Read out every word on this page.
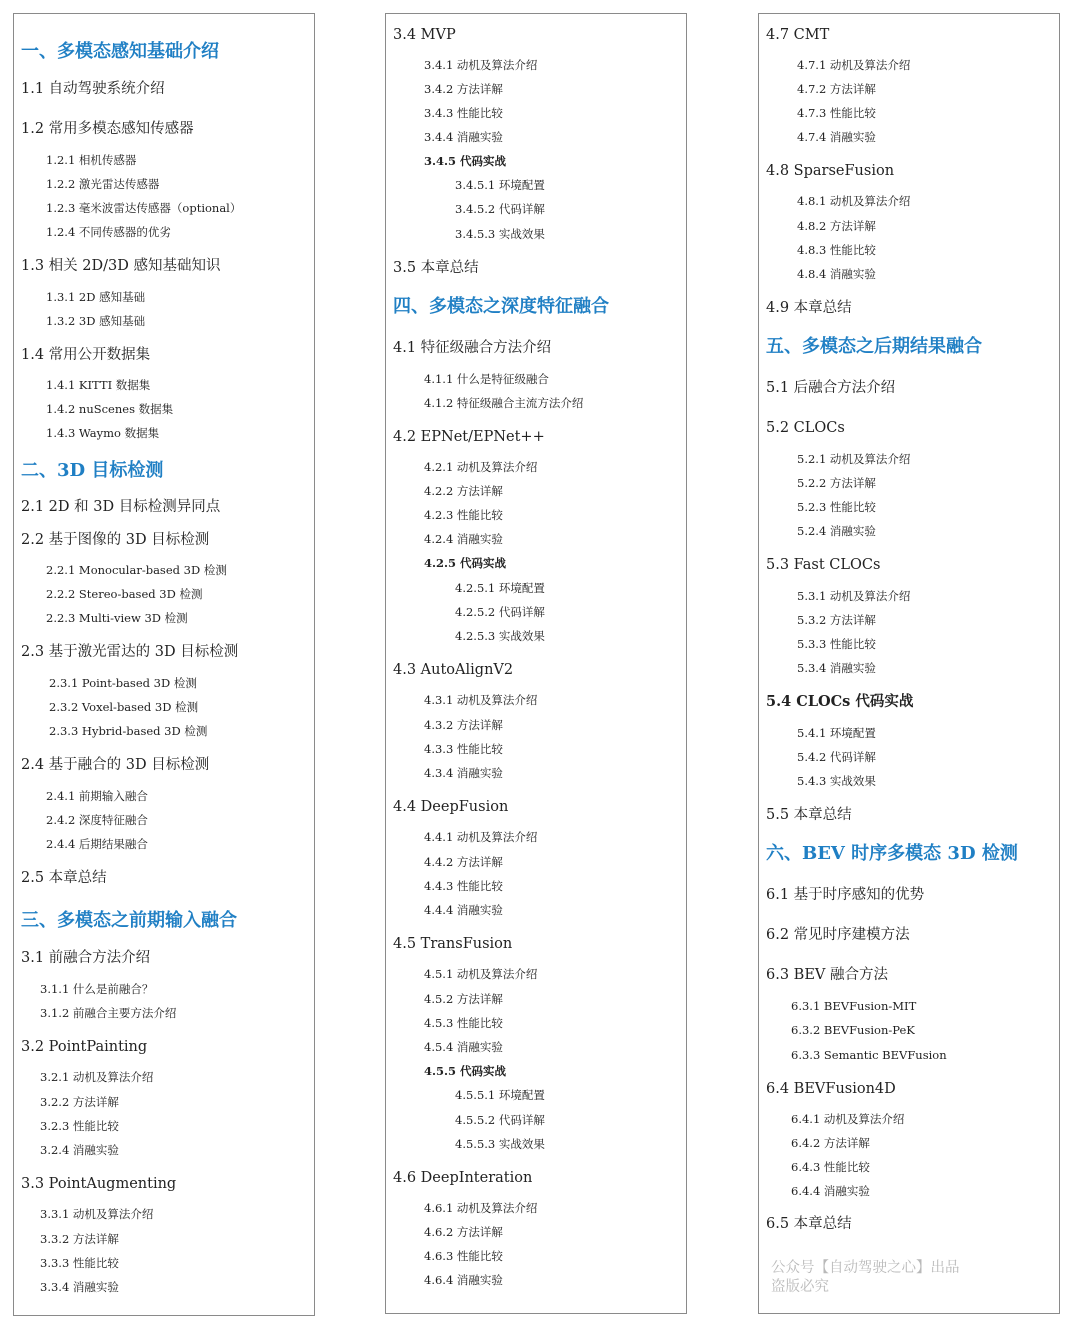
一、多模态感知基础介绍
1.1 自动驾驶系统介绍
1.2 常用多模态感知传感器
1.2.1 相机传感器
1.2.2 激光雷达传感器
1.2.3 毫米波雷达传感器（optional）
1.2.4 不同传感器的优劣
1.3 相关 2D/3D 感知基础知识
1.3.1 2D 感知基础
1.3.2 3D 感知基础
1.4 常用公开数据集
1.4.1 KITTI 数据集
1.4.2 nuScenes 数据集
1.4.3 Waymo 数据集
二、3D 目标检测
2.1 2D 和 3D 目标检测异同点
2.2 基于图像的 3D 目标检测
2.2.1 Monocular-based 3D 检测
2.2.2 Stereo-based 3D 检测
2.2.3 Multi-view 3D 检测
2.3 基于激光雷达的 3D 目标检测
2.3.1 Point-based 3D 检测
2.3.2 Voxel-based 3D 检测
2.3.3 Hybrid-based 3D 检测
2.4 基于融合的 3D 目标检测
2.4.1 前期输入融合
2.4.2 深度特征融合
2.4.4 后期结果融合
2.5 本章总结
三、多模态之前期输入融合
3.1 前融合方法介绍
3.1.1 什么是前融合？
3.1.2 前融合主要方法介绍
3.2 PointPainting
3.2.1 动机及算法介绍
3.2.2 方法详解
3.2.3 性能比较
3.2.4 消融实验
3.3 PointAugmenting
3.3.1 动机及算法介绍
3.3.2 方法详解
3.3.3 性能比较
3.3.4 消融实验
3.4 MVP
3.4.1 动机及算法介绍
3.4.2 方法详解
3.4.3 性能比较
3.4.4 消融实验
3.4.5 代码实战
3.4.5.1 环境配置
3.4.5.2 代码详解
3.4.5.3 实战效果
3.5 本章总结
四、多模态之深度特征融合
4.1 特征级融合方法介绍
4.1.1 什么是特征级融合
4.1.2 特征级融合主流方法介绍
4.2 EPNet/EPNet++
4.2.1 动机及算法介绍
4.2.2 方法详解
4.2.3 性能比较
4.2.4 消融实验
4.2.5 代码实战
4.2.5.1 环境配置
4.2.5.2 代码详解
4.2.5.3 实战效果
4.3 AutoAlignV2
4.3.1 动机及算法介绍
4.3.2 方法详解
4.3.3 性能比较
4.3.4 消融实验
4.4 DeepFusion
4.4.1 动机及算法介绍
4.4.2 方法详解
4.4.3 性能比较
4.4.4 消融实验
4.5 TransFusion
4.5.1 动机及算法介绍
4.5.2 方法详解
4.5.3 性能比较
4.5.4 消融实验
4.5.5 代码实战
4.5.5.1 环境配置
4.5.5.2 代码详解
4.5.5.3 实战效果
4.6 DeepInteration
4.6.1 动机及算法介绍
4.6.2 方法详解
4.6.3 性能比较
4.6.4 消融实验
公众号【自动驾驶之心】出品
盗版必究
4.7 CMT
4.7.1 动机及算法介绍
4.7.2 方法详解
4.7.3 性能比较
4.7.4 消融实验
4.8 SparseFusion
4.8.1 动机及算法介绍
4.8.2 方法详解
4.8.3 性能比较
4.8.4 消融实验
4.9 本章总结
五、多模态之后期结果融合
5.1 后融合方法介绍
5.2 CLOCs
5.2.1 动机及算法介绍
5.2.2 方法详解
5.2.3 性能比较
5.2.4 消融实验
5.3 Fast CLOCs
5.3.1 动机及算法介绍
5.3.2 方法详解
5.3.3 性能比较
5.3.4 消融实验
5.4 CLOCs 代码实战
5.4.1 环境配置
5.4.2 代码详解
5.4.3 实战效果
5.5 本章总结
六、BEV 时序多模态 3D 检测
6.1 基于时序感知的优势
6.2 常见时序建模方法
6.3 BEV 融合方法
6.3.1 BEVFusion-MIT
6.3.2 BEVFusion-PeK
6.3.3 Semantic BEVFusion
6.4 BEVFusion4D
6.4.1 动机及算法介绍
6.4.2 方法详解
6.4.3 性能比较
6.4.4 消融实验
6.5 本章总结
